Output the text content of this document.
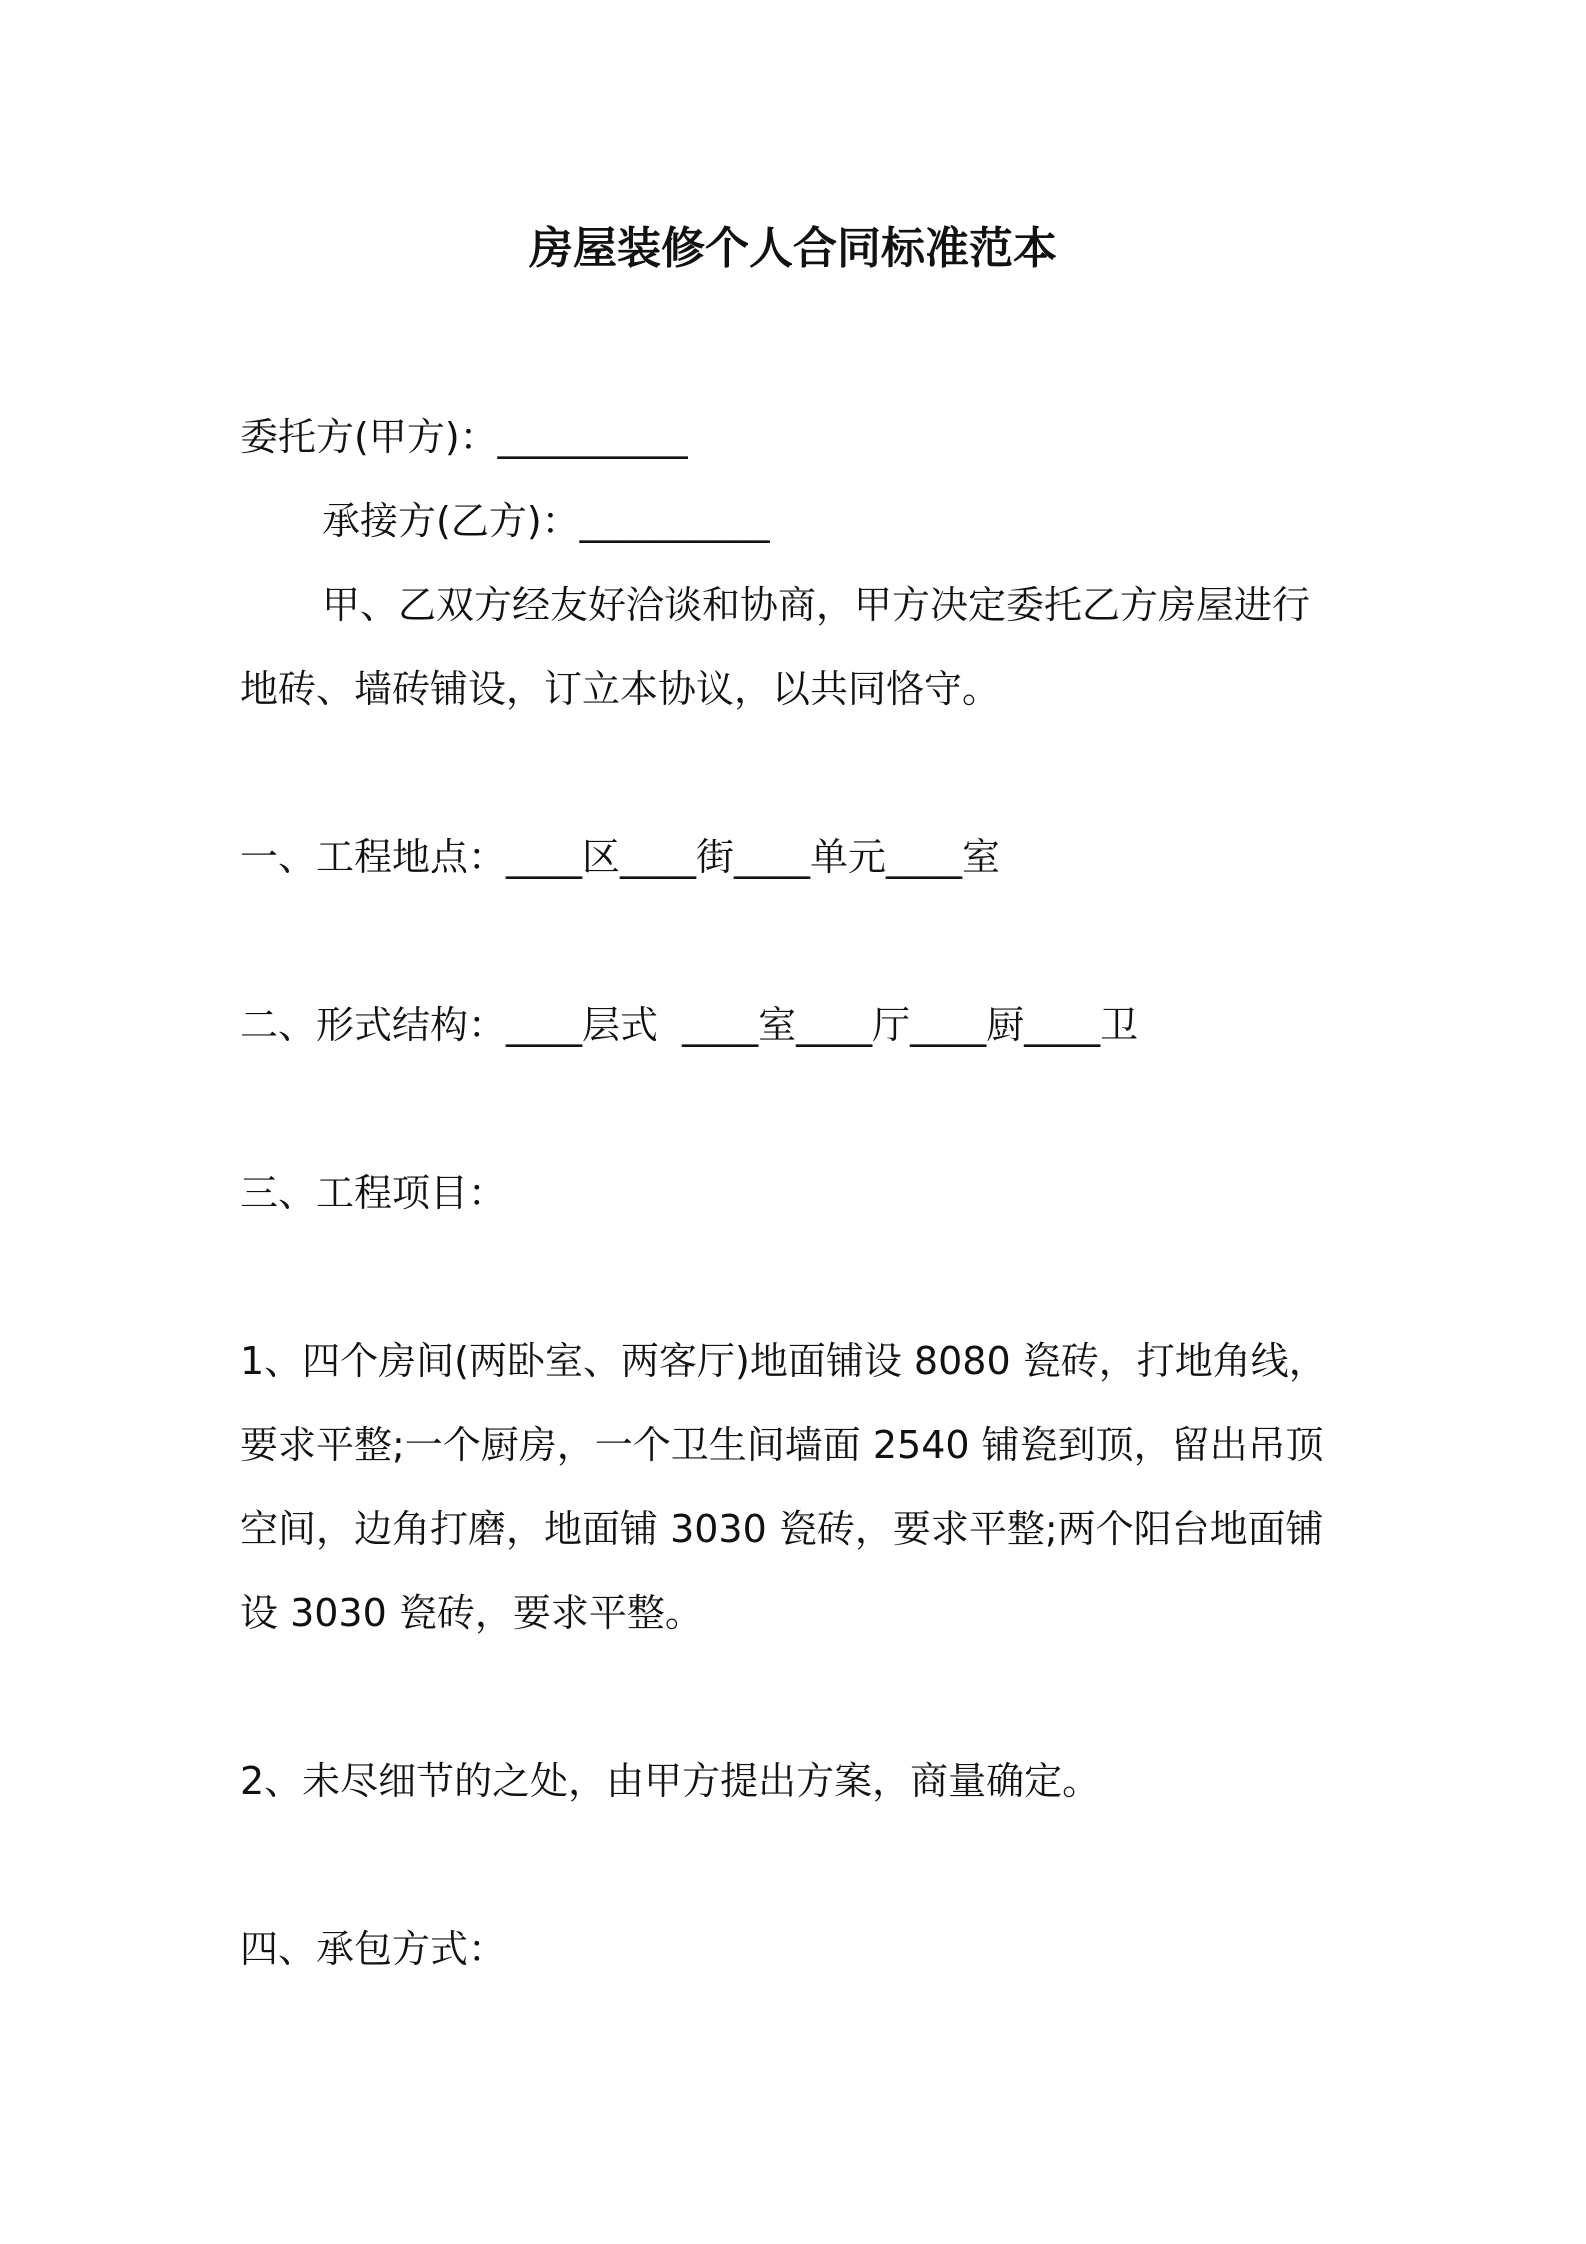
房屋装修个人合同标准范本
委托方(甲方)：__________
承接方(乙方)：__________
甲、乙双方经友好洽谈和协商，甲方决定委托乙方房屋进行
地砖、墙砖铺设，订立本协议，以共同恪守。
一、工程地点：____区____街____单元____室
二、形式结构：____层式  ____室____厅____厨____卫
三、工程项目：
1、四个房间(两卧室、两客厅)地面铺设 8080 瓷砖，打地角线，
要求平整;一个厨房，一个卫生间墙面 2540 铺瓷到顶，留出吊顶
空间，边角打磨，地面铺 3030 瓷砖，要求平整;两个阳台地面铺
设 3030 瓷砖，要求平整。
2、未尽细节的之处，由甲方提出方案，商量确定。
四、承包方式：
